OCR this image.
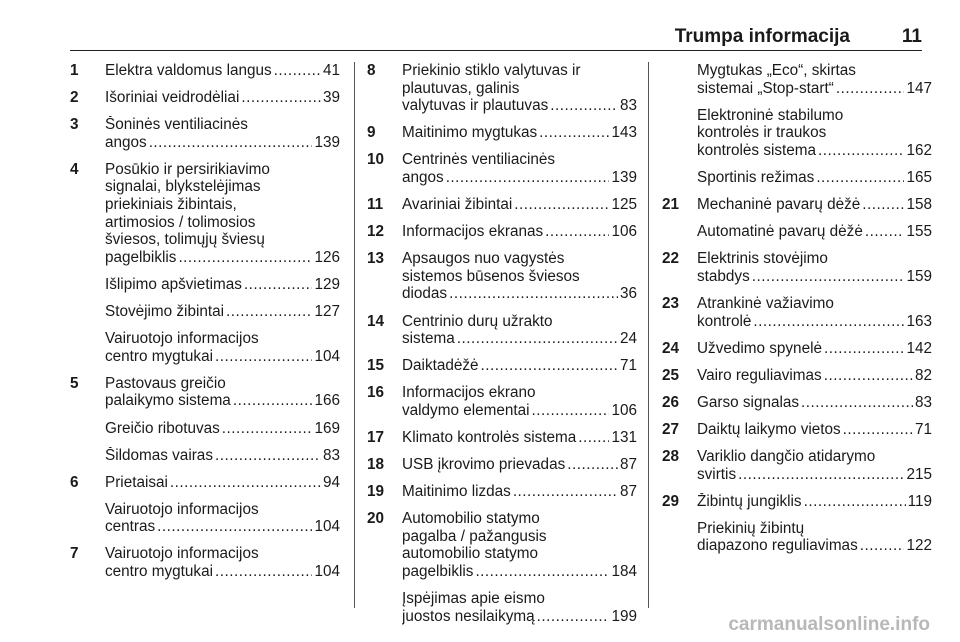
Trumpa informacija	11
1 Elektra valdomus langus .....	41
2 Išoriniai veidrodėliai .....	39
3 Šoninės ventiliacinės
angos .....	139
4 Posūkio ir persirikiavimo
signalai, blykstelėjimas
priekiniais žibintais,
artimosios / tolimosios
šviesos, tolimųjų šviesų
pagelbiklis .....	126
Išlipimo apšvietimas .....	129
Stovėjimo žibintai .....	127
Vairuotojo informacijos
centro mygtukai .....	104
5 Pastovaus greičio
palaikymo sistema .....	166
Greičio ribotuvas .....	169
Šildomas vairas .....	83
6 Prietaisai .....	94
Vairuotojo informacijos
centras .....	104
7 Vairuotojo informacijos
centro mygtukai .....	104
8 Priekinio stiklo valytuvas ir
plautuvas, galinis
valytuvas ir plautuvas .....	83
9 Maitinimo mygtukas .....	143
10 Centrinės ventiliacinės
angos .....	139
11 Avariniai žibintai .....	125
12 Informacijos ekranas .....	106
13 Apsaugos nuo vagystės
sistemos būsenos šviesos
diodas .....	36
14 Centrinio durų užrakto
sistema .....	24
15 Daiktadėžė .....	71
16 Informacijos ekrano
valdymo elementai .....	106
17 Klimato kontrolės sistema ..... 131
18 USB įkrovimo prievadas .....	87
19 Maitinimo lizdas .....	87
20 Automobilio statymo
pagalba / pažangusis
automobilio statymo
pagelbiklis .....	184
Įspėjimas apie eismo
juostos nesilaikymą .....	199
Mygtukas „Eco“, skirtas
sistemai „Stop-start“ .....	147
Elektroninė stabilumo
kontrolės ir traukos
kontrolės sistema .....	162
Sportinis režimas .....	165
21 Mechaninė pavarų dėžė .....	158
Automatinė pavarų dėžė .....	155
22 Elektrinis stovėjimo
stabdys .....	159
23 Atrankinė važiavimo
kontrolė .....	163
24 Užvedimo spynelė .....	142
25 Vairo reguliavimas .....	82
26 Garso signalas .....	83
27 Daiktų laikymo vietos .....	71
28 Variklio dangčio atidarymo
svirtis .....	215
29 Žibintų jungiklis .....	119
Priekinių žibintų
diapazono reguliavimas .....	122
carmanualsonline.info
